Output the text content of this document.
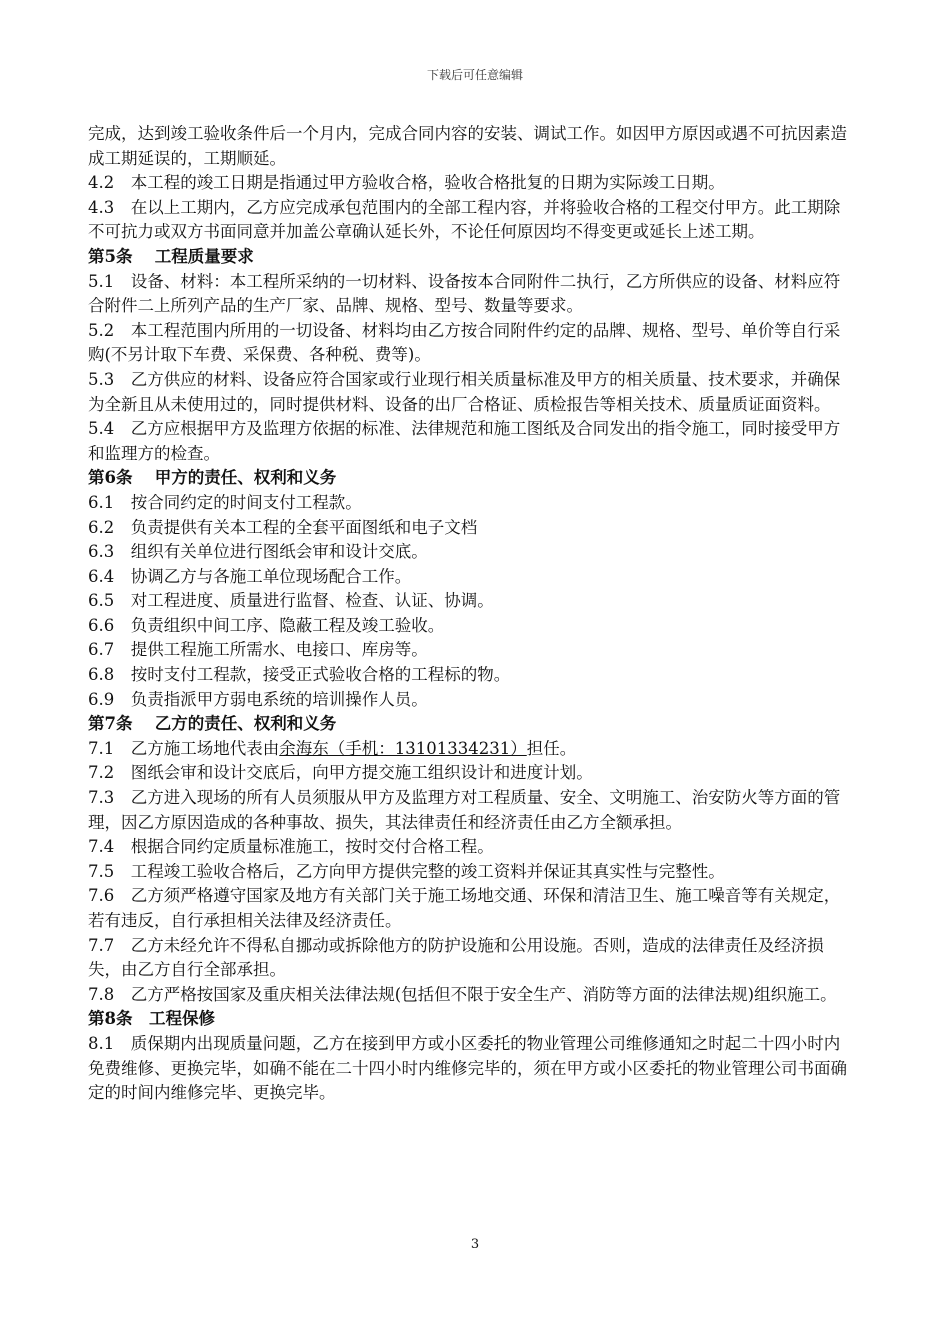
下载后可任意编辑

完成，达到竣工验收条件后一个月内，完成合同内容的安装、调试工作。如因甲方原因或遇不可抗因素造成工期延误的，工期顺延。

4.2　本工程的竣工日期是指通过甲方验收合格，验收合格批复的日期为实际竣工日期。

4.3　在以上工期内，乙方应完成承包范围内的全部工程内容，并将验收合格的工程交付甲方。此工期除不可抗力或双方书面同意并加盖公章确认延长外，不论任何原因均不得变更或延长上述工期。

第5条　 工程质量要求

5.1　设备、材料：本工程所采纳的一切材料、设备按本合同附件二执行，乙方所供应的设备、材料应符合附件二上所列产品的生产厂家、品牌、规格、型号、数量等要求。

5.2　本工程范围内所用的一切设备、材料均由乙方按合同附件约定的品牌、规格、型号、单价等自行采购(不另计取下车费、采保费、各种税、费等)。

5.3　乙方供应的材料、设备应符合国家或行业现行相关质量标准及甲方的相关质量、技术要求，并确保为全新且从未使用过的，同时提供材料、设备的出厂合格证、质检报告等相关技术、质量质证面资料。

5.4　乙方应根据甲方及监理方依据的标准、法律规范和施工图纸及合同发出的指令施工，同时接受甲方和监理方的检查。

第6条　 甲方的责任、权利和义务

6.1　按合同约定的时间支付工程款。

6.2　负责提供有关本工程的全套平面图纸和电子文档

6.3　组织有关单位进行图纸会审和设计交底。

6.4　协调乙方与各施工单位现场配合工作。

6.5　对工程进度、质量进行监督、检查、认证、协调。

6.6　负责组织中间工序、隐蔽工程及竣工验收。

6.7　提供工程施工所需水、电接口、库房等。

6.8　按时支付工程款，接受正式验收合格的工程标的物。

6.9　负责指派甲方弱电系统的培训操作人员。

第7条　 乙方的责任、权利和义务

7.1　乙方施工场地代表由余海东（手机：13101334231）担任。

7.2　图纸会审和设计交底后，向甲方提交施工组织设计和进度计划。

7.3　乙方进入现场的所有人员须服从甲方及监理方对工程质量、安全、文明施工、治安防火等方面的管理，因乙方原因造成的各种事故、损失，其法律责任和经济责任由乙方全额承担。

7.4　根据合同约定质量标准施工，按时交付合格工程。

7.5　工程竣工验收合格后，乙方向甲方提供完整的竣工资料并保证其真实性与完整性。

7.6　乙方须严格遵守国家及地方有关部门关于施工场地交通、环保和清洁卫生、施工噪音等有关规定，若有违反，自行承担相关法律及经济责任。

7.7　乙方未经允许不得私自挪动或拆除他方的防护设施和公用设施。否则，造成的法律责任及经济损失，由乙方自行全部承担。

7.8　乙方严格按国家及重庆相关法律法规(包括但不限于安全生产、消防等方面的法律法规)组织施工。

第8条　工程保修

8.1　质保期内出现质量问题，乙方在接到甲方或小区委托的物业管理公司维修通知之时起二十四小时内免费维修、更换完毕，如确不能在二十四小时内维修完毕的，须在甲方或小区委托的物业管理公司书面确定的时间内维修完毕、更换完毕。

3
